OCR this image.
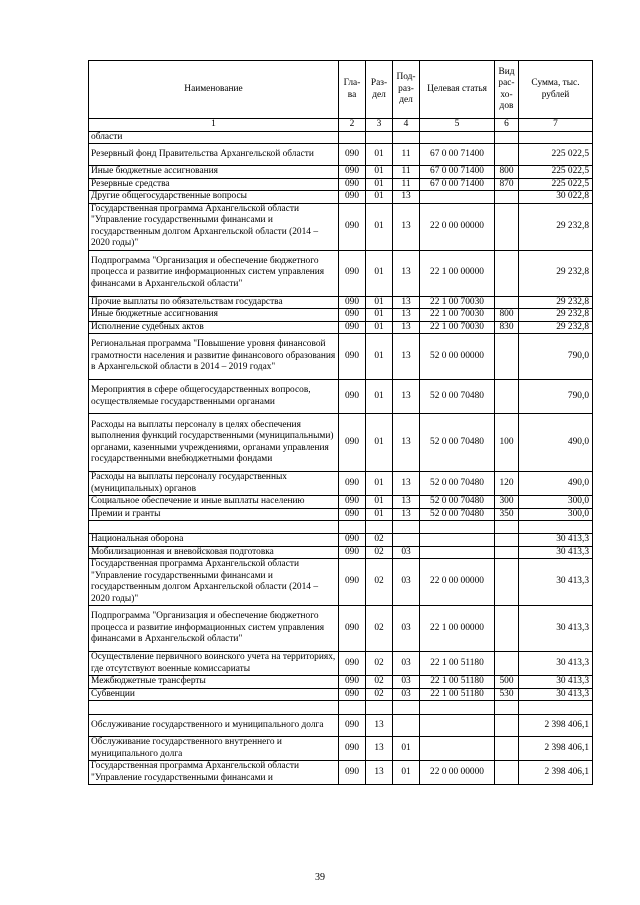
Наименование	Гла-ва	Раз-дел	Под-раз-дел	Целевая статья	Вид рас-хо-дов	Сумма, тыс. рублей
1	2	3	4	5	6	7
области						
Резервный фонд Правительства Архангельской области	090	01	11	67 0 00 71400		225 022,5
Иные бюджетные ассигнования	090	01	11	67 0 00 71400	800	225 022,5
Резервные средства	090	01	11	67 0 00 71400	870	225 022,5
Другие общегосударственные вопросы	090	01	13			30 022,8
Государственная программа Архангельской области "Управление государственными финансами и государственным долгом Архангельской области (2014 – 2020 годы)"	090	01	13	22 0 00 00000		29 232,8
Подпрограмма "Организация и обеспечение бюджетного процесса и развитие информационных систем управления финансами в Архангельской области"	090	01	13	22 1 00 00000		29 232,8
Прочие выплаты по обязательствам государства	090	01	13	22 1 00 70030		29 232,8
Иные бюджетные ассигнования	090	01	13	22 1 00 70030	800	29 232,8
Исполнение судебных актов	090	01	13	22 1 00 70030	830	29 232,8
Региональная программа "Повышение уровня финансовой грамотности населения и развитие финансового образования в Архангельской области в 2014 – 2019 годах"	090	01	13	52 0 00 00000		790,0
Мероприятия в сфере общегосударственных вопросов, осуществляемые государственными органами	090	01	13	52 0 00 70480		790,0
Расходы на выплаты персоналу в целях обеспечения выполнения функций государственными (муниципальными) органами, казенными учреждениями, органами управления государственными внебюджетными фондами	090	01	13	52 0 00 70480	100	490,0
Расходы на выплаты персоналу государственных (муниципальных) органов	090	01	13	52 0 00 70480	120	490,0
Социальное обеспечение и иные выплаты населению	090	01	13	52 0 00 70480	300	300,0
Премии и гранты	090	01	13	52 0 00 70480	350	300,0

Национальная оборона	090	02				30 413,3
Мобилизационная и вневойсковая подготовка	090	02	03			30 413,3
Государственная программа Архангельской области "Управление государственными финансами и государственным долгом Архангельской области (2014 – 2020 годы)"	090	02	03	22 0 00 00000		30 413,3
Подпрограмма "Организация и обеспечение бюджетного процесса и развитие информационных систем управления финансами в Архангельской области"	090	02	03	22 1 00 00000		30 413,3
Осуществление первичного воинского учета на территориях, где отсутствуют военные комиссариаты	090	02	03	22 1 00 51180		30 413,3
Межбюджетные трансферты	090	02	03	22 1 00 51180	500	30 413,3
Субвенции	090	02	03	22 1 00 51180	530	30 413,3

Обслуживание государственного и муниципального долга	090	13				2 398 406,1
Обслуживание государственного внутреннего и муниципального долга	090	13	01			2 398 406,1
Государственная программа Архангельской области "Управление государственными финансами и	090	13	01	22 0 00 00000		2 398 406,1
39
